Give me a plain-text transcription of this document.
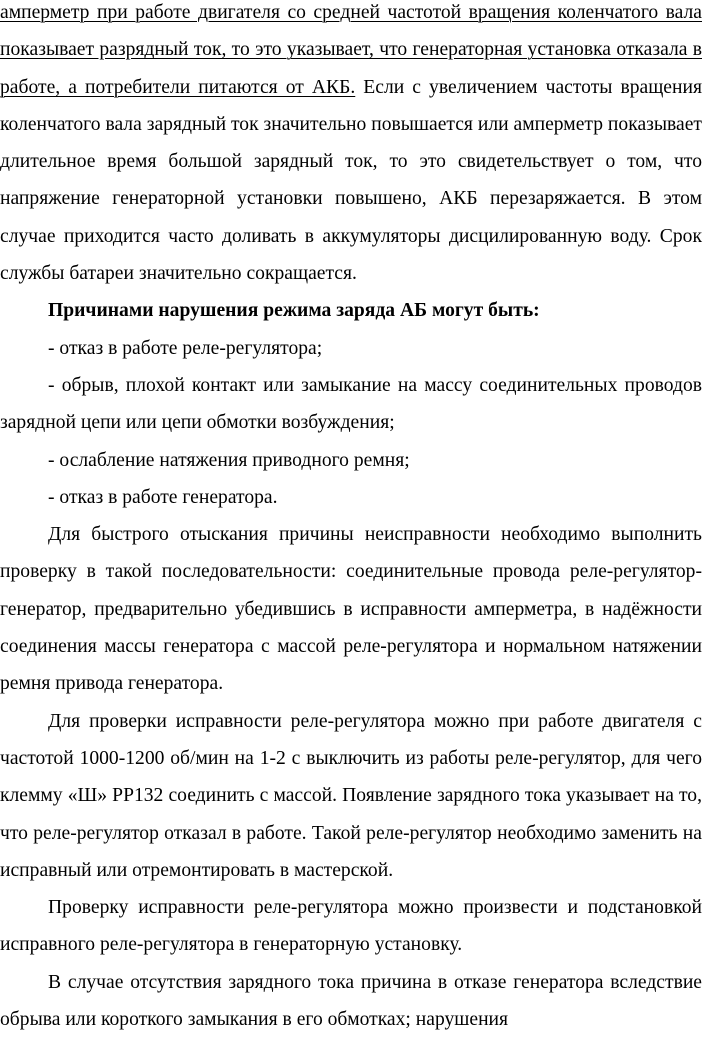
амперметр при работе двигателя со средней частотой вращения коленчатого вала показывает разрядный ток, то это указывает, что генераторная установка отказала в работе, а потребители питаются от АКБ. Если с увеличением частоты вращения коленчатого вала зарядный ток значительно повышается или амперметр показывает длительное время большой зарядный ток, то это свидетельствует о том, что напряжение генераторной установки повышено, АКБ перезаряжается. В этом случае приходится часто доливать в аккумуляторы дисцилированную воду. Срок службы батареи значительно сокращается.

Причинами нарушения режима заряда АБ могут быть:

- отказ в работе реле-регулятора;

- обрыв, плохой контакт или замыкание на массу соединительных проводов зарядной цепи или цепи обмотки возбуждения;

- ослабление натяжения приводного ремня;

- отказ в работе генератора.

Для быстрого отыскания причины неисправности необходимо выполнить проверку в такой последовательности: соединительные провода реле-регулятор-генератор, предварительно убедившись в исправности амперметра, в надёжности соединения массы генератора с массой реле-регулятора и нормальном натяжении ремня привода генератора.

Для проверки исправности реле-регулятора можно при работе двигателя с частотой 1000-1200 об/мин на 1-2 с выключить из работы реле-регулятор, для чего клемму «Ш» РР132 соединить с массой. Появление зарядного тока указывает на то, что реле-регулятор отказал в работе. Такой реле-регулятор необходимо заменить на исправный или отремонтировать в мастерской.

Проверку исправности реле-регулятора можно произвести и подстановкой исправного реле-регулятора в генераторную установку.

В случае отсутствия зарядного тока причина в отказе генератора вследствие обрыва или короткого замыкания в его обмотках; нарушения
